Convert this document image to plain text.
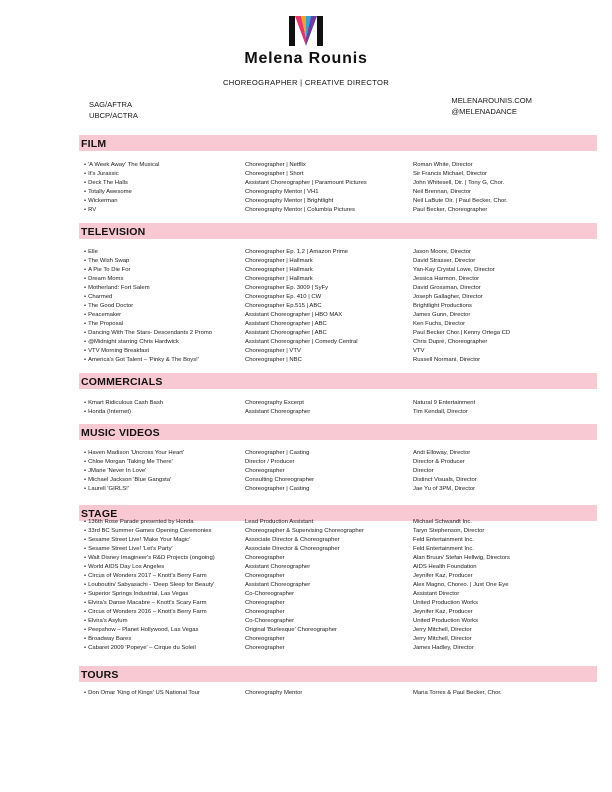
Melena Rounis
CHOREOGRAPHER | CREATIVE DIRECTOR
SAG/AFTRA
UBCP/ACTRA
MELENAROUNIS.COM
@MELENADANCE
FILM
• 'A Week Away' The Musical	Choreographer | Netflix	Roman White, Director
• It's Jurassic	Choreographer | Short	Sir Francis Michael, Director
• Deck The Halls	Assistant Choreographer | Paramount Pictures	John Whitesell, Dir. | Tony G, Chor.
• Totally Awesome	Choreography Mentor | VH1	Neil Brennan, Director
• Wickerman	Choreography Mentor | Brightlight	Neil LaBute Dir. | Paul Becker, Chor.
• RV	Choreography Mentor | Columbia Pictures	Paul Becker, Choreographer
TELEVISION
• Elle	Choreographer Ep. 1,2 | Amazon Prime	Jason Moore, Director
• The Wish Swap	Choreographer | Hallmark	David Strasser, Director
• A Pie To Die For	Choreographer | Hallmark	Yan-Kay Crystal Lowe, Director
• Dream Moms	Choreographer | Hallmark	Jessica Harmon, Director
• Motherland: Fort Salem	Choreographer Ep. 3009 | SyFy	David Grossman, Director
• Charmed	Choreographer Ep. 410 | CW	Joseph Gallagher, Director
• The Good Doctor	Choreographer Ep.515 | ABC	Brightlight Productions
• Peacemaker	Assistant Choreographer | HBO MAX	James Gunn, Director
• The Proposal	Assistant Choreographer | ABC	Ken Fuchs, Director
• Dancing With The Stars- Descendants 2 Promo	Assistant Choreographer | ABC	Paul Becker Chor.| Kenny Ortega CD
• @Midnight starring Chris Hardwick	Assistant Choreographer | Comedy Central	Chris Dupré, Choreographer
• VTV Morning Breakfast	Choreographer | VTV	VTV
• America's Got Talent – 'Pinky & The Boys!'	Choreographer | NBC	Russell Normani, Director
COMMERCIALS
• Kmart Ridiculous Cash Bash	Choreography Excerpt	Natural 9 Entertainment
• Honda (Internet)	Assistant Choreographer	Tim Kendall, Director
MUSIC VIDEOS
• Haven Madison 'Uncross Your Heart'	Choreographer | Casting	Andi Elloway, Director
• Chloe Morgan 'Taking Me There'	Director / Producer	Director & Producer
• JMarie 'Never In Love'	Choreographer	Director
• Michael Jackson 'Blue Gangsta'	Consulting Choreographer	Distinct Visuals, Director
• Laurell 'GIRLS!'	Choreographer | Casting	Jae Yu of 3PM, Director
STAGE
• 136th Rose Parade presented by Honda	Lead Production Assistant	Michael Schwandt Inc.
• 33rd BC Summer Games Opening Ceremonies	Choreographer & Supervising Choreographer	Taryn Stephenson, Director
• Sesame Street Live! 'Make Your Magic'	Associate Director & Choreographer	Feld Entertainment Inc.
• Sesame Street Live! 'Let's Party'	Associate Director & Choreographer	Feld Entertainment Inc.
• Walt Disney Imagineer's R&D Projects (ongoing)	Choreographer	Alan Bruun/ Stefan Hellwig, Directors
• World AIDS Day Los Angeles	Assistant Choreographer	AIDS Health Foundation
• Circus of Wonders 2017 – Knott's Berry Farm	Choreographer	Jeynifer Kaz, Producer
• Louboutin/ Sabyasachi - 'Deep Sleep for Beauty'	Assistant Choreographer	Alex Magno, Choreo. | Just One Eye
• Superior Springs Industrial, Las Vegas	Co-Choreographer	Assistant Director
• Elvira's Danse Macabre – Knott's Scary Farm	Choreographer	United Production Works
• Circus of Wonders 2016 – Knott's Berry Farm	Choreographer	Jeynifer Kaz, Producer
• Elvira's Asylum	Co-Choreographer	United Production Works
• Peepshow – Planet Hollywood, Las Vegas	Original 'Burlesque' Choreographer	Jerry Mitchell, Director
• Broadway Bares	Choreographer	Jerry Mitchell, Director
• Cabaret 2009 'Popeye' – Cirque du Soleil	Choreographer	James Hadley, Director
TOURS
• Don Omar 'King of Kings' US National Tour	Choreography Mentor	Maria Torres & Paul Becker, Chor.
